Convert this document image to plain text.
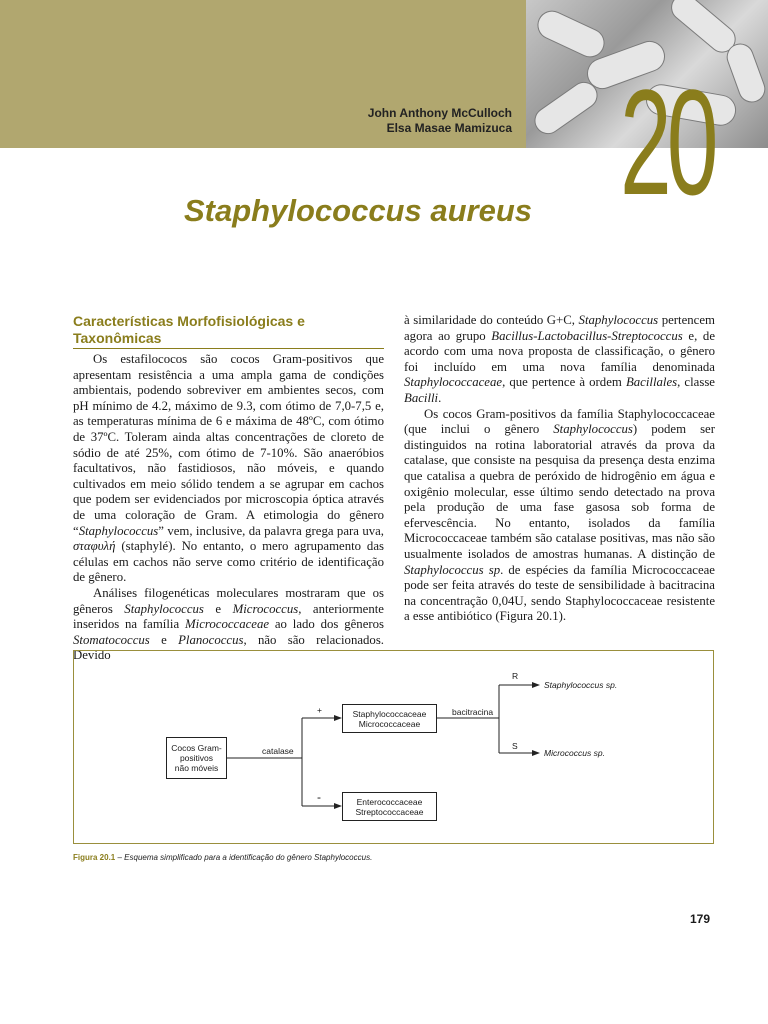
John Anthony McCulloch
Elsa Masae Mamizuca 20
Staphylococcus aureus
Características Morfofisiológicas e Taxonômicas

Os estafilococos são cocos Gram-positivos que apresentam resistência a uma ampla gama de condições ambientais, podendo sobreviver em ambientes secos, com pH mínimo de 4.2, máximo de 9.3, com ótimo de 7,0-7,5 e, as temperaturas mínima de 6 e máxima de 48ºC, com ótimo de 37ºC. Toleram ainda altas concentrações de cloreto de sódio de até 25%, com ótimo de 7-10%. São anaeróbios facultativos, não fastidiosos, não móveis, e quando cultivados em meio sólido tendem a se agrupar em cachos que podem ser evidenciados por microscopia óptica através de uma coloração de Gram. A etimologia do gênero “Staphylococcus” vem, inclusive, da palavra grega para uva, σταφυλή (staphylé). No entanto, o mero agrupamento das células em cachos não serve como critério de identificação de gênero.

Análises filogenéticas moleculares mostraram que os gêneros Staphylococcus e Micrococcus, anteriormente inseridos na família Micrococcaceae ao lado dos gêneros Stomatococcus e Planococcus, não são relacionados. Devido

à similaridade do conteúdo G+C, Staphylococcus pertencem agora ao grupo Bacillus-Lactobacillus-Streptococcus e, de acordo com uma nova proposta de classificação, o gênero foi incluído em uma nova família denominada Staphylococcaceae, que pertence à ordem Bacillales, classe Bacilli.

Os cocos Gram-positivos da família Staphylococcaceae (que inclui o gênero Staphylococcus) podem ser distinguidos na rotina laboratorial através da prova da catalase, que consiste na pesquisa da presença desta enzima que catalisa a quebra de peróxido de hidrogênio em água e oxigênio molecular, esse último sendo detectado na prova pela produção de uma fase gasosa sob forma de efervescência. No entanto, isolados da família Micrococcaceae também são catalase positivas, mas não são usualmente isolados de amostras humanas. A distinção de Staphylococcus sp. de espécies da família Micrococcaceae pode ser feita através do teste de sensibilidade à bacitracina na concentração 0,04U, sendo Staphylococcaceae resistente a esse antibiótico (Figura 20.1).

Cocos Gram-
positivos
não móveis
catalase
+
-
Staphylococcaceae
Micrococcaceae
Enterococcaceae
Streptococcaceae
bacitracina
R
S
Staphylococcus sp.
Micrococcus sp.
Figura 20.1 – Esquema simplificado para a identificação do gênero Staphylococcus.
179
